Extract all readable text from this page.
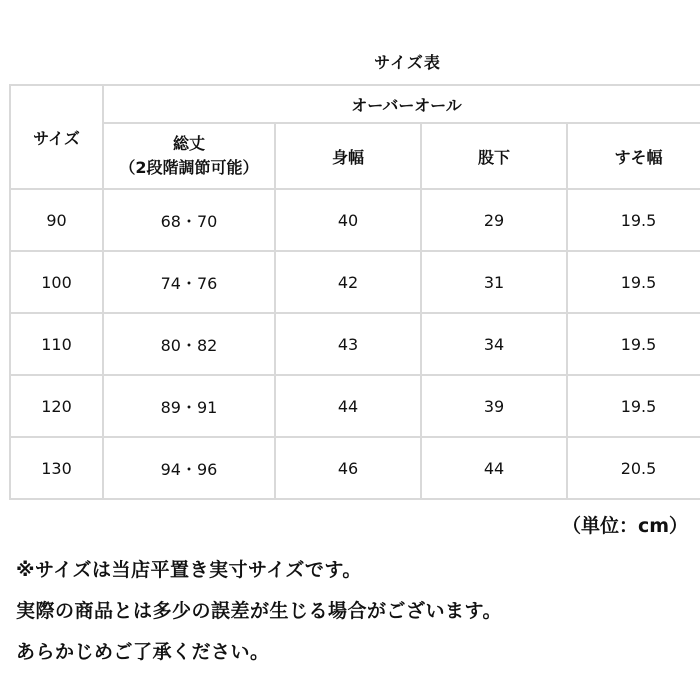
サイズ表
サイズ	オーバーオール			

	総丈
（2段階調節可能）	身幅	股下	すそ幅
90	68・70	40	29	19.5
100	74・76	42	31	19.5
110	80・82	43	34	19.5
120	89・91	44	39	19.5
130	94・96	46	44	20.5
（単位：cm）
※サイズは当店平置き実寸サイズです。
実際の商品とは多少の誤差が生じる場合がございます。
あらかじめご了承ください。
